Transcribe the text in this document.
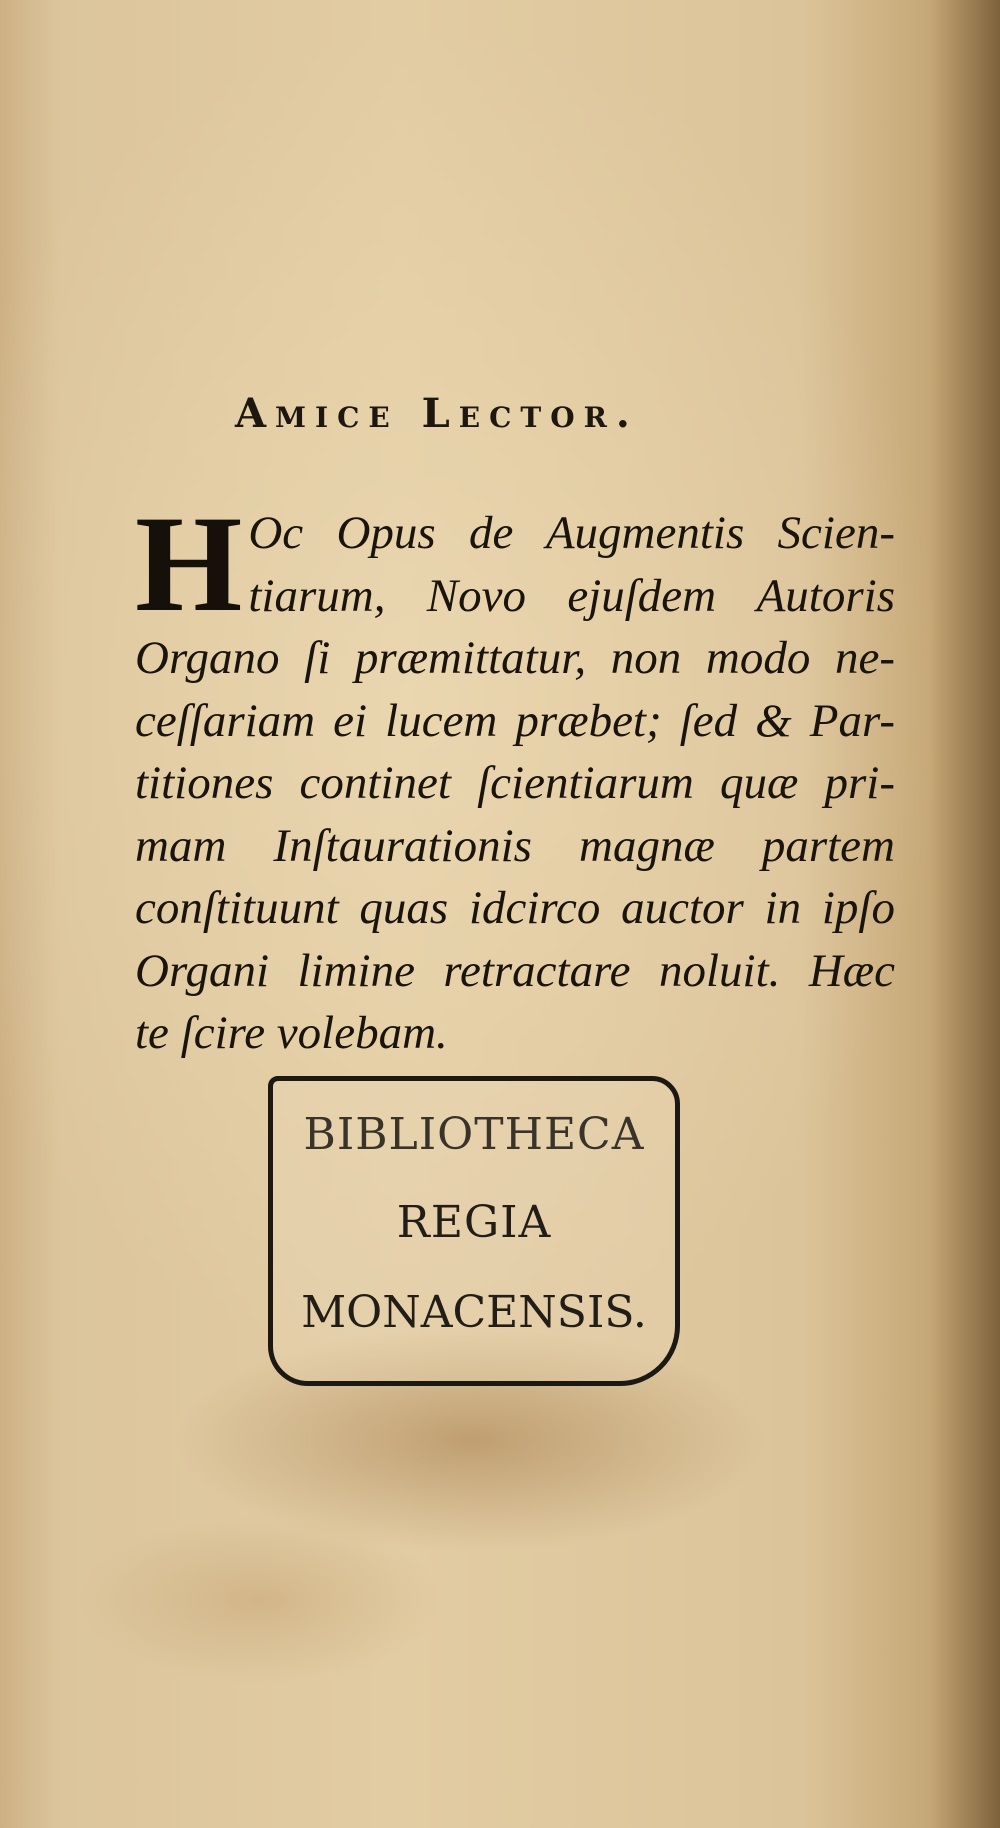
Amice Lector.
H Oc Opus de Augmentis Scien-
tiarum, Novo ejuſdem Autoris
Organo ſi præmittatur, non modo ne-
ceſſariam ei lucem præbet; ſed & Par-
titiones continet ſcientiarum quæ pri-
mam Inſtaurationis magnæ partem
conſtituunt quas idcirco auctor in ipſo
Organi limine retractare noluit. Hæc
te ſcire volebam.
BIBLIOTHECA
REGIA
MONACENSIS.
